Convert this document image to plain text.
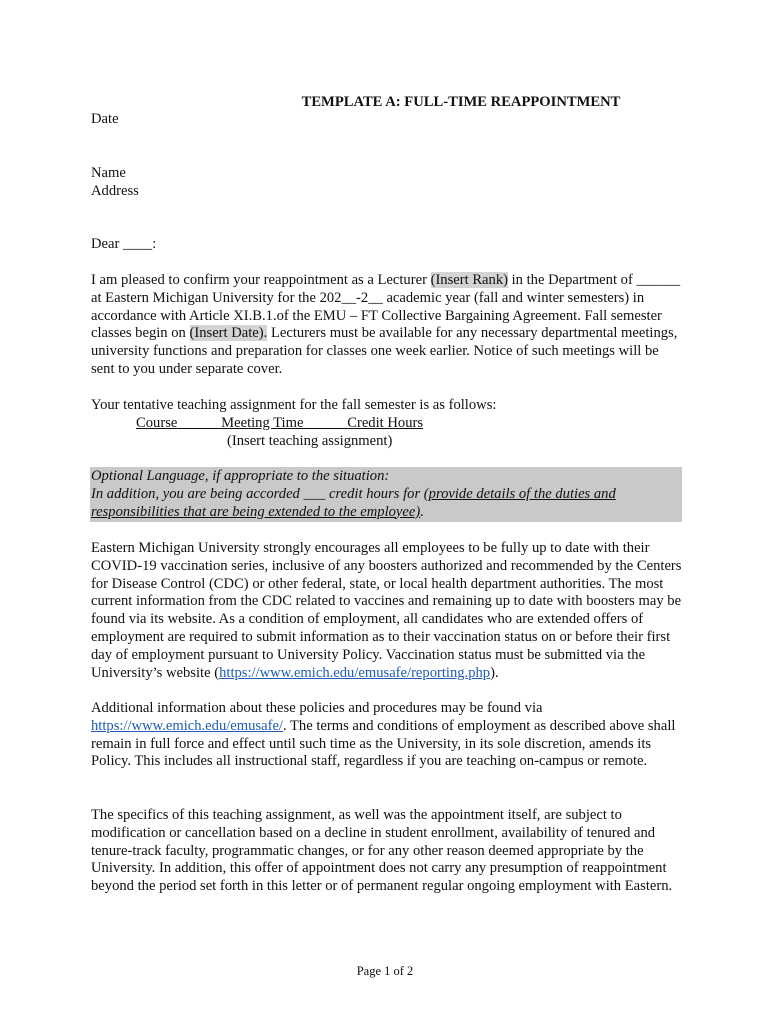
TEMPLATE A: FULL-TIME REAPPOINTMENT
Date
Name
Address
Dear ____:
I am pleased to confirm your reappointment as a Lecturer (Insert Rank) in the Department of ______ at Eastern Michigan University for the 202__-2__ academic year (fall and winter semesters) in accordance with Article XI.B.1.of the EMU – FT Collective Bargaining Agreement. Fall semester classes begin on (Insert Date). Lecturers must be available for any necessary departmental meetings, university functions and preparation for classes one week earlier. Notice of such meetings will be sent to you under separate cover.
Your tentative teaching assignment for the fall semester is as follows:
Course	Meeting Time	Credit Hours
(Insert teaching assignment)
Optional Language, if appropriate to the situation:
In addition, you are being accorded ___ credit hours for (provide details of the duties and responsibilities that are being extended to the employee).
Eastern Michigan University strongly encourages all employees to be fully up to date with their COVID-19 vaccination series, inclusive of any boosters authorized and recommended by the Centers for Disease Control (CDC) or other federal, state, or local health department authorities. The most current information from the CDC related to vaccines and remaining up to date with boosters may be found via its website. As a condition of employment, all candidates who are extended offers of employment are required to submit information as to their vaccination status on or before their first day of employment pursuant to University Policy. Vaccination status must be submitted via the University’s website (https://www.emich.edu/emusafe/reporting.php).
Additional information about these policies and procedures may be found via https://www.emich.edu/emusafe/. The terms and conditions of employment as described above shall remain in full force and effect until such time as the University, in its sole discretion, amends its Policy. This includes all instructional staff, regardless if you are teaching on-campus or remote.
The specifics of this teaching assignment, as well was the appointment itself, are subject to modification or cancellation based on a decline in student enrollment, availability of tenured and tenure-track faculty, programmatic changes, or for any other reason deemed appropriate by the University. In addition, this offer of appointment does not carry any presumption of reappointment beyond the period set forth in this letter or of permanent regular ongoing employment with Eastern.
Page 1 of 2
